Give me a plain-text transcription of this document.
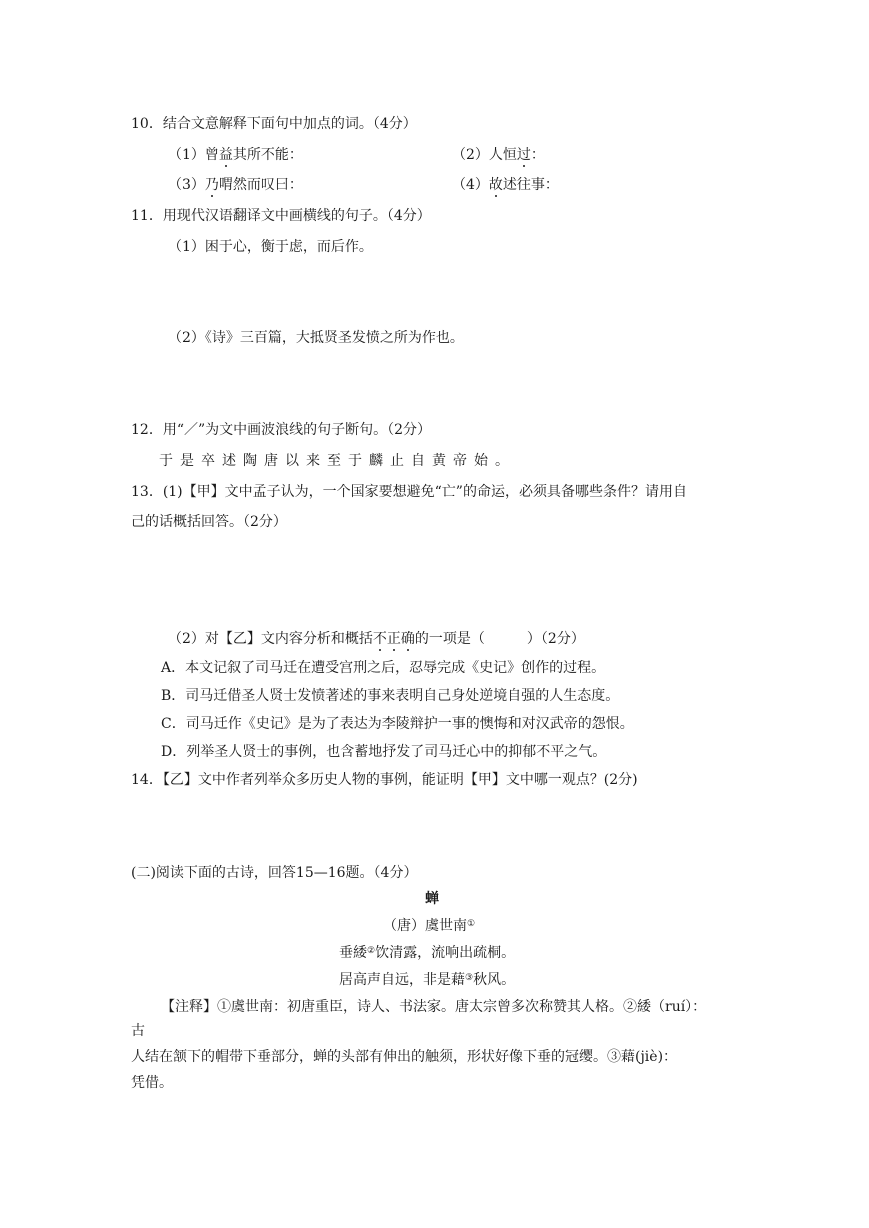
10．结合文意解释下面句中加点的词。（4分）
（1）曾益其所不能：	（2）人恒过：
（3）乃喟然而叹曰：	（4）故述往事：
11．用现代汉语翻译文中画横线的句子。（4分）
（1）困于心，衡于虑，而后作。
（2）《诗》三百篇，大抵贤圣发愤之所为作也。
12．用“／”为文中画波浪线的句子断句。（2分）
于是卒述陶唐以来至于麟止自黄帝始。
13．(1)【甲】文中孟子认为，一个国家要想避免“亡”的命运，必须具备哪些条件？请用自
己的话概括回答。（2分）
（2）对【乙】文内容分析和概括不正确的一项是（　　　）（2分）
A．本文记叙了司马迁在遭受宫刑之后，忍辱完成《史记》创作的过程。
B．司马迁借圣人贤士发愤著述的事来表明自己身处逆境自强的人生态度。
C．司马迁作《史记》是为了表达为李陵辩护一事的懊悔和对汉武帝的怨恨。
D．列举圣人贤士的事例，也含蓄地抒发了司马迁心中的抑郁不平之气。
14．【乙】文中作者列举众多历史人物的事例，能证明【甲】文中哪一观点？(2分)
(二)阅读下面的古诗，回答15—16题。（4分）
蝉
（唐）虞世南①
垂緌②饮清露，流响出疏桐。
居高声自远，非是藉③秋风。
【注释】①虞世南：初唐重臣，诗人、书法家。唐太宗曾多次称赞其人格。②緌（ruí）：
古
人结在颔下的帽带下垂部分，蝉的头部有伸出的触须，形状好像下垂的冠缨。③藉(jiè)：
凭借。
